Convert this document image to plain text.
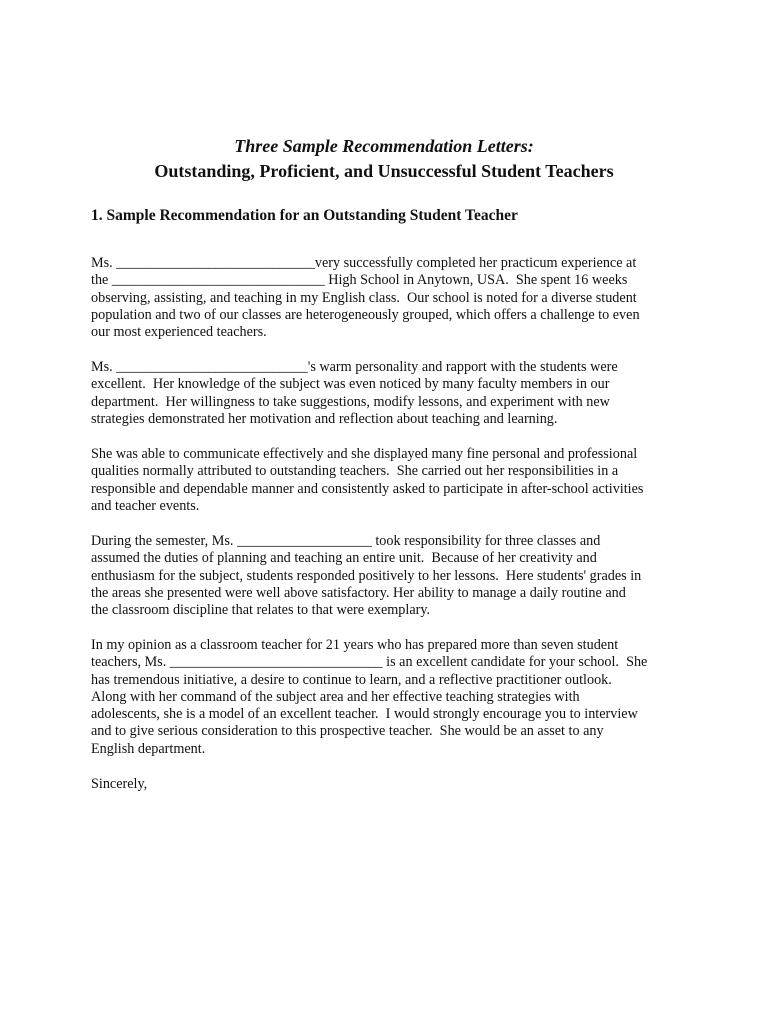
Three Sample Recommendation Letters:
Outstanding, Proficient, and Unsuccessful Student Teachers
1. Sample Recommendation for an Outstanding Student Teacher

Ms. ____________________________very successfully completed her practicum experience at
the ______________________________ High School in Anytown, USA.  She spent 16 weeks
observing, assisting, and teaching in my English class.  Our school is noted for a diverse student
population and two of our classes are heterogeneously grouped, which offers a challenge to even
our most experienced teachers.

Ms. ___________________________'s warm personality and rapport with the students were
excellent.  Her knowledge of the subject was even noticed by many faculty members in our
department.  Her willingness to take suggestions, modify lessons, and experiment with new
strategies demonstrated her motivation and reflection about teaching and learning.

She was able to communicate effectively and she displayed many fine personal and professional
qualities normally attributed to outstanding teachers.  She carried out her responsibilities in a
responsible and dependable manner and consistently asked to participate in after-school activities
and teacher events.

During the semester, Ms. ___________________ took responsibility for three classes and
assumed the duties of planning and teaching an entire unit.  Because of her creativity and
enthusiasm for the subject, students responded positively to her lessons.  Here students' grades in
the areas she presented were well above satisfactory. Her ability to manage a daily routine and
the classroom discipline that relates to that were exemplary.

In my opinion as a classroom teacher for 21 years who has prepared more than seven student
teachers, Ms. ______________________________ is an excellent candidate for your school.  She
has tremendous initiative, a desire to continue to learn, and a reflective practitioner outlook.
Along with her command of the subject area and her effective teaching strategies with
adolescents, she is a model of an excellent teacher.  I would strongly encourage you to interview
and to give serious consideration to this prospective teacher.  She would be an asset to any
English department.

Sincerely,
